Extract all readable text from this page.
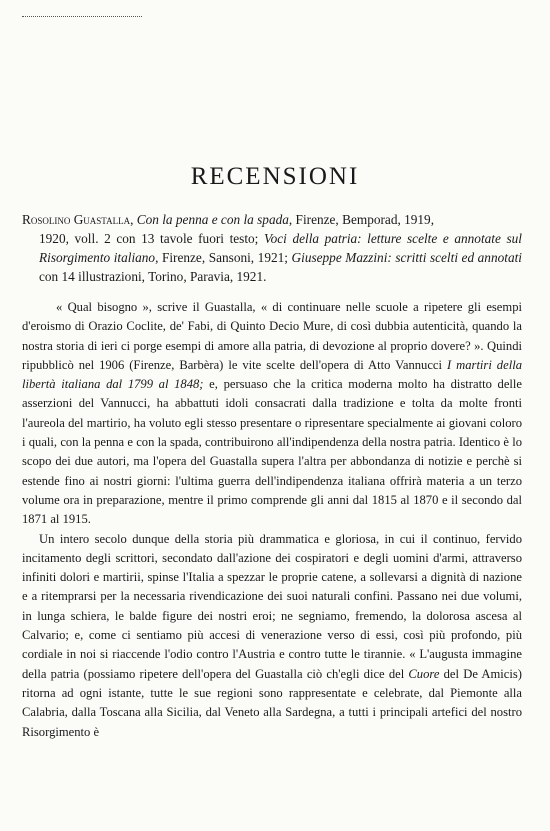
RECENSIONI
Rosolino Guastalla, Con la penna e con la spada, Firenze, Bemporad, 1919,
1920, voll. 2 con 13 tavole fuori testo; Voci della patria: letture scelte e annotate sul Risorgimento italiano, Firenze, Sansoni, 1921; Giuseppe Mazzini: scritti scelti ed annotati con 14 illustrazioni, Torino, Paravia, 1921.

« Qual bisogno », scrive il Guastalla, « di continuare nelle scuole a ripetere gli esempi d'eroismo di Orazio Coclite, de' Fabi, di Quinto Decio Mure, di così dubbia autenticità, quando la nostra storia di ieri ci porge esempi di amore alla patria, di devozione al proprio dovere? ». Quindi ripubblicò nel 1906 (Firenze, Barbèra) le vite scelte dell'opera di Atto Vannucci I martiri della libertà italiana dal 1799 al 1848; e, persuaso che la critica moderna molto ha distratto delle asserzioni del Vannucci, ha abbattuti idoli consacrati dalla tradizione e tolta da molte fronti l'aureola del martirio, ha voluto egli stesso presentare o ripresentare specialmente ai giovani coloro i quali, con la penna e con la spada, contribuirono all'indipendenza della nostra patria. Identico è lo scopo dei due autori, ma l'opera del Guastalla supera l'altra per abbondanza di notizie e perchè si estende fino ai nostri giorni: l'ultima guerra dell'indipendenza italiana offrirà materia a un terzo volume ora in preparazione, mentre il primo comprende gli anni dal 1815 al 1870 e il secondo dal 1871 al 1915.

Un intero secolo dunque della storia più drammatica e gloriosa, in cui il continuo, fervido incitamento degli scrittori, secondato dall'azione dei cospiratori e degli uomini d'armi, attraverso infiniti dolori e martirii, spinse l'Italia a spezzar le proprie catene, a sollevarsi a dignità di nazione e a ritemprarsi per la necessaria rivendicazione dei suoi naturali confini. Passano nei due volumi, in lunga schiera, le balde figure dei nostri eroi; ne segniamo, fremendo, la dolorosa ascesa al Calvario; e, come ci sentiamo più accesi di venerazione verso di essi, così più profondo, più cordiale in noi si riaccende l'odio contro l'Austria e contro tutte le tirannie. « L'augusta immagine della patria (possiamo ripetere dell'opera del Guastalla ciò ch'egli dice del Cuore del De Amicis) ritorna ad ogni istante, tutte le sue regioni sono rappresentate e celebrate, dal Piemonte alla Calabria, dalla Toscana alla Sicilia, dal Veneto alla Sardegna, a tutti i principali artefici del nostro Risorgimento è
